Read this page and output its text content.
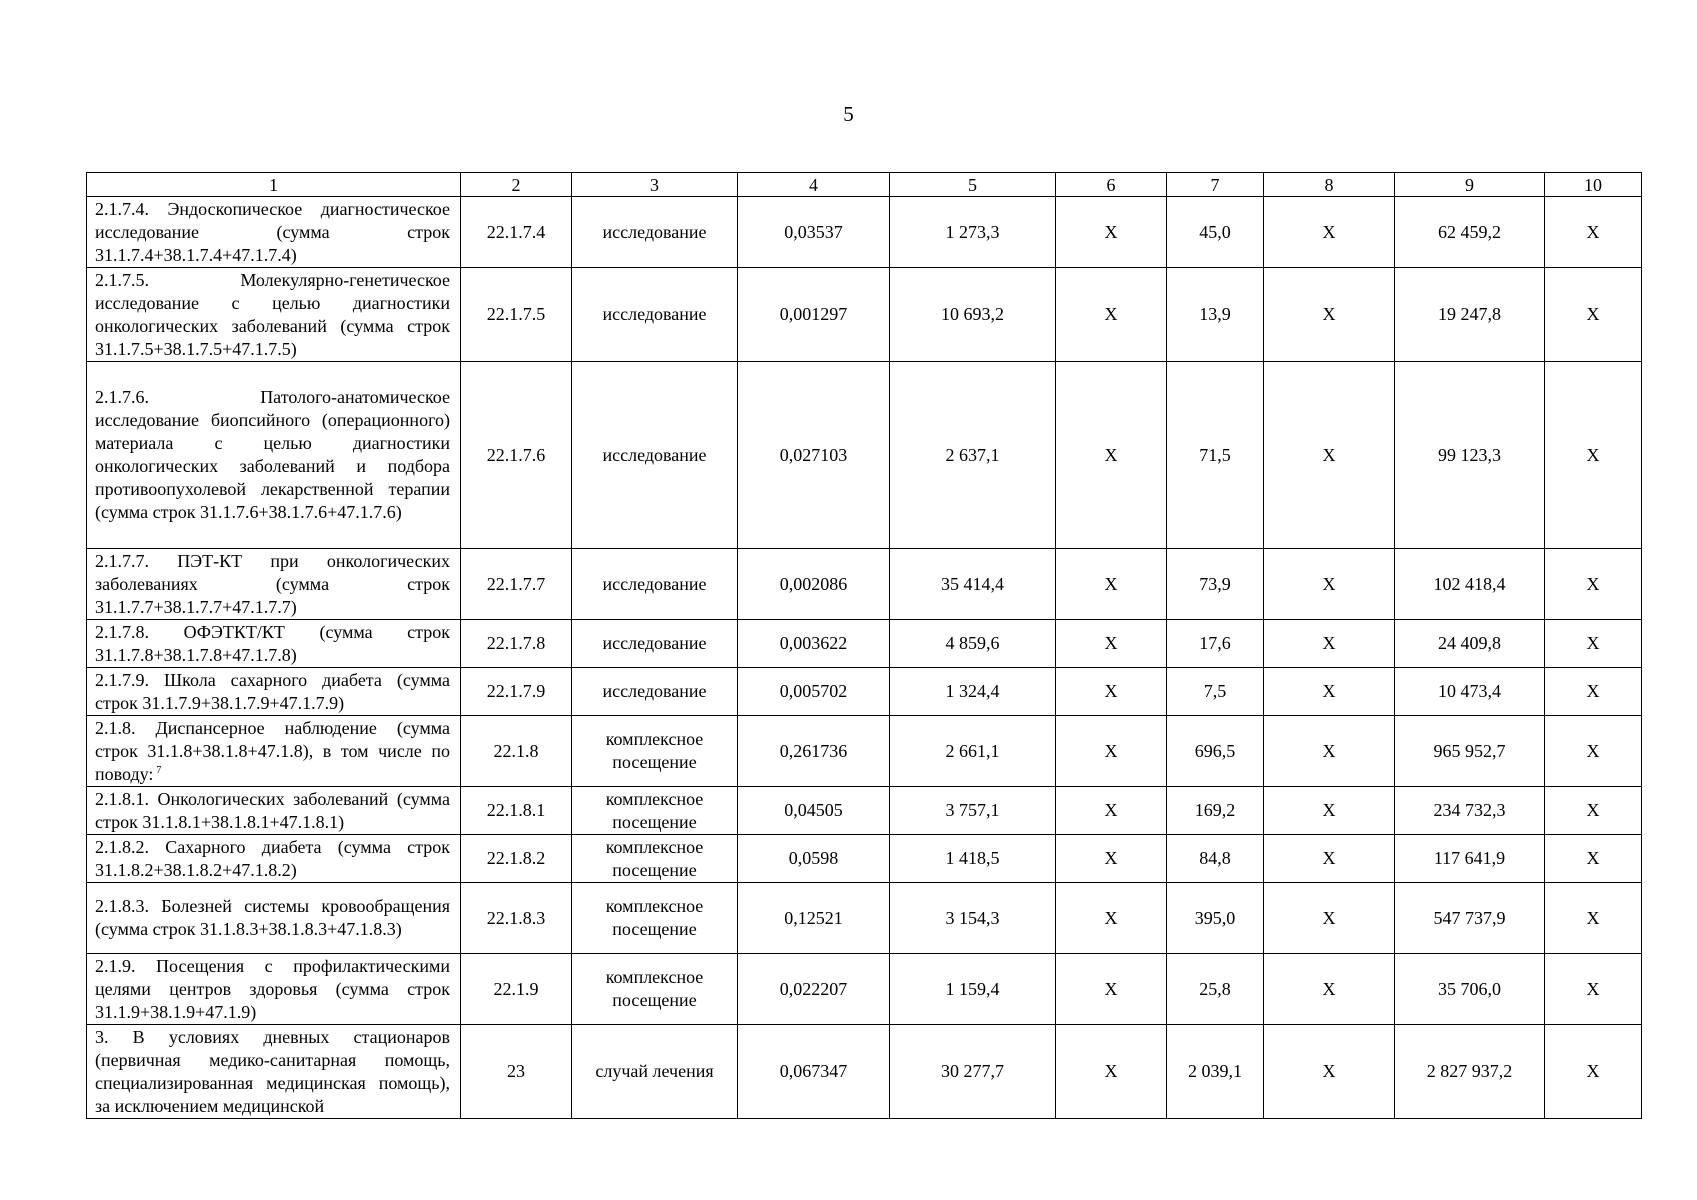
5
1	2	3	4	5	6	7	8	9	10
2.1.7.4. Эндоскопическое диагностическое исследование (сумма строк 31.1.7.4+38.1.7.4+47.1.7.4)	22.1.7.4	исследование	0,03537	1 273,3	Х	45,0	Х	62 459,2	Х
2.1.7.5. Молекулярно-генетическое исследование с целью диагностики онкологических заболеваний (сумма строк 31.1.7.5+38.1.7.5+47.1.7.5)	22.1.7.5	исследование	0,001297	10 693,2	Х	13,9	Х	19 247,8	Х
2.1.7.6. Патолого-анатомическое исследование биопсийного (операционного) материала с целью диагностики онкологических заболеваний и подбора противоопухолевой лекарственной терапии (сумма строк 31.1.7.6+38.1.7.6+47.1.7.6)	22.1.7.6	исследование	0,027103	2 637,1	Х	71,5	Х	99 123,3	Х
2.1.7.7. ПЭТ-КТ при онкологических заболеваниях (сумма строк 31.1.7.7+38.1.7.7+47.1.7.7)	22.1.7.7	исследование	0,002086	35 414,4	Х	73,9	Х	102 418,4	Х
2.1.7.8. ОФЭТКТ/КТ (сумма строк 31.1.7.8+38.1.7.8+47.1.7.8)	22.1.7.8	исследование	0,003622	4 859,6	Х	17,6	Х	24 409,8	Х
2.1.7.9. Школа сахарного диабета (сумма строк 31.1.7.9+38.1.7.9+47.1.7.9)	22.1.7.9	исследование	0,005702	1 324,4	Х	7,5	Х	10 473,4	Х
2.1.8. Диспансерное наблюдение (сумма строк 31.1.8+38.1.8+47.1.8), в том числе по поводу: $^7$	22.1.8	комплексное посещение	0,261736	2 661,1	Х	696,5	Х	965 952,7	Х
2.1.8.1. Онкологических заболеваний (сумма строк 31.1.8.1+38.1.8.1+47.1.8.1)	22.1.8.1	комплексное посещение	0,04505	3 757,1	Х	169,2	Х	234 732,3	Х
2.1.8.2. Сахарного диабета (сумма строк 31.1.8.2+38.1.8.2+47.1.8.2)	22.1.8.2	комплексное посещение	0,0598	1 418,5	Х	84,8	Х	117 641,9	Х
2.1.8.3. Болезней системы кровообращения (сумма строк 31.1.8.3+38.1.8.3+47.1.8.3)	22.1.8.3	комплексное посещение	0,12521	3 154,3	Х	395,0	Х	547 737,9	Х
2.1.9. Посещения с профилактическими целями центров здоровья (сумма строк 31.1.9+38.1.9+47.1.9)	22.1.9	комплексное посещение	0,022207	1 159,4	Х	25,8	Х	35 706,0	Х
3. В условиях дневных стационаров (первичная медико-санитарная помощь, специализированная медицинская помощь), за исключением медицинской	23	случай лечения	0,067347	30 277,7	Х	2 039,1	Х	2 827 937,2	Х
